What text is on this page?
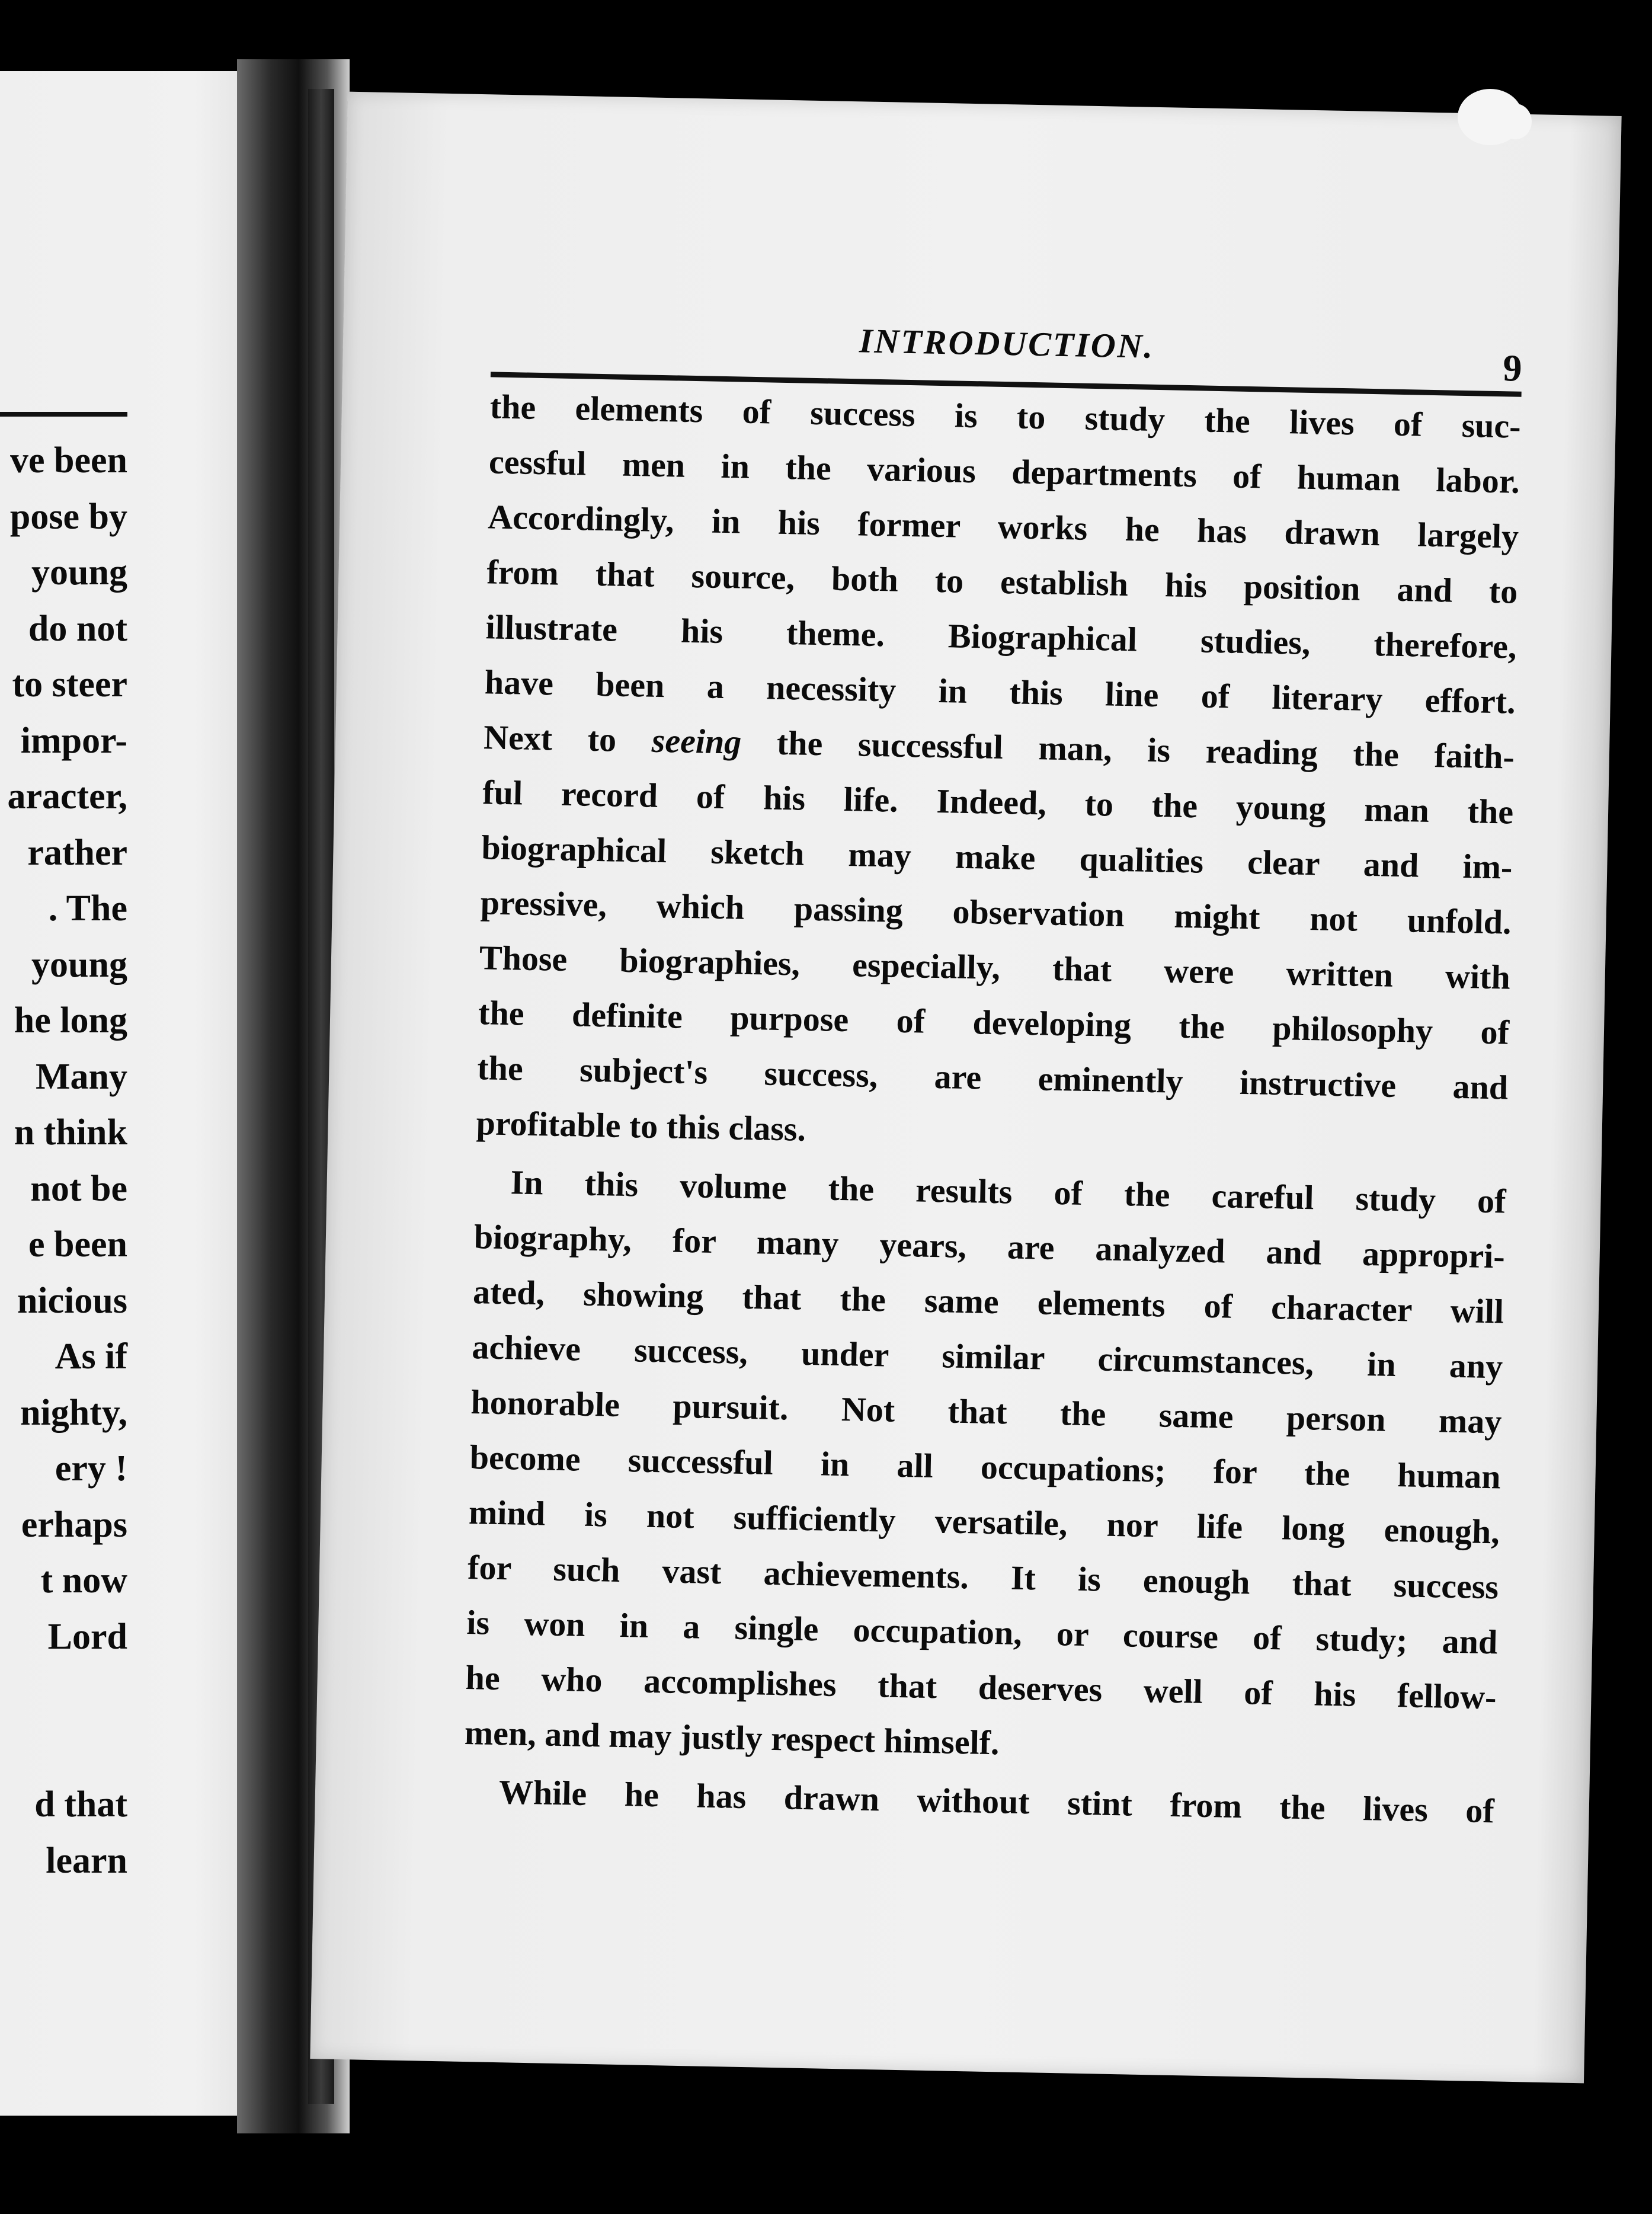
ve been
pose by
young
do not
to steer
impor-
aracter,
rather
. The
young
he long
Many
n think
not be
e been
nicious
As if
nighty,
ery !
erhaps
t now
Lord
d that
learn
INTRODUCTION.
9
the elements of success is to study the lives of suc-
cessful men in the various departments of human labor.
Accordingly, in his former works he has drawn largely
from that source, both to establish his position and to
illustrate his theme. Biographical studies, therefore,
have been a necessity in this line of literary effort.
Next to seeing the successful man, is reading the faith-
ful record of his life. Indeed, to the young man the
biographical sketch may make qualities clear and im-
pressive, which passing observation might not unfold.
Those biographies, especially, that were written with
the definite purpose of developing the philosophy of
the subject's success, are eminently instructive and
profitable to this class.
In this volume the results of the careful study of
biography, for many years, are analyzed and appropri-
ated, showing that the same elements of character will
achieve success, under similar circumstances, in any
honorable pursuit. Not that the same person may
become successful in all occupations; for the human
mind is not sufficiently versatile, nor life long enough,
for such vast achievements. It is enough that success
is won in a single occupation, or course of study; and
he who accomplishes that deserves well of his fellow-
men, and may justly respect himself.
While he has drawn without stint from the lives of
